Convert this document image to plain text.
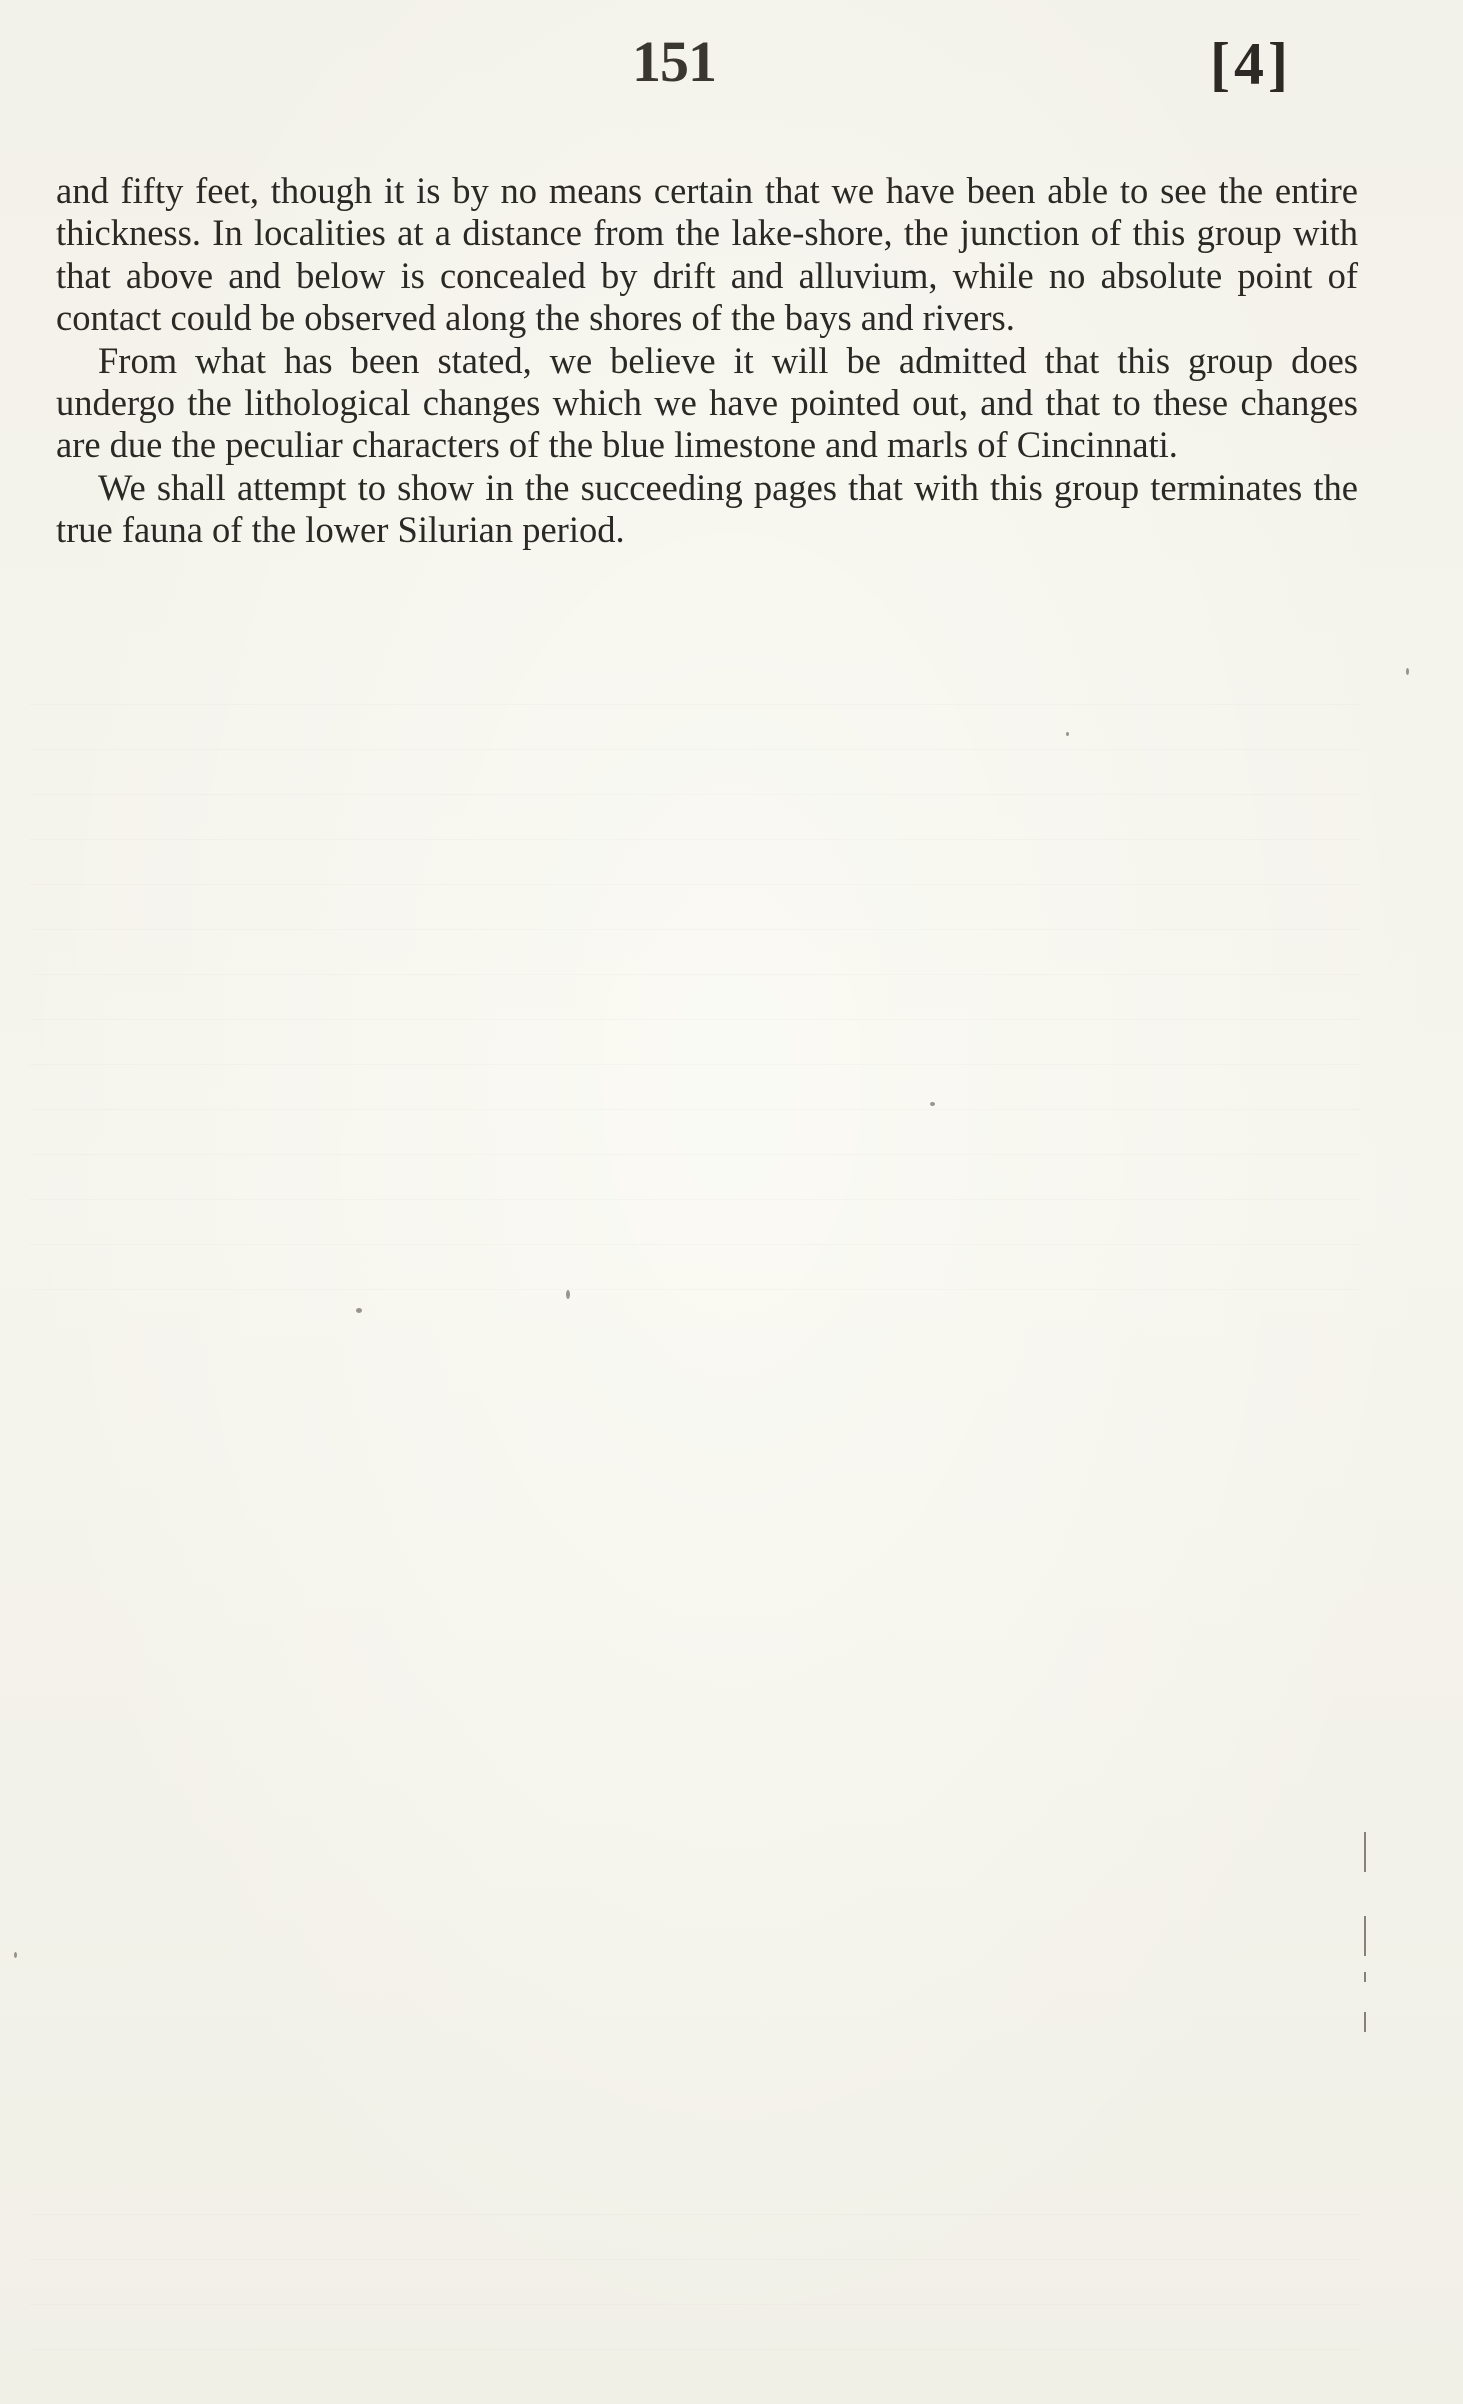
151	[4]

and fifty feet, though it is by no means certain that we have been able to see the entire thickness. In localities at a distance from the lake-shore, the junction of this group with that above and below is concealed by drift and alluvium, while no absolute point of contact could be observed along the shores of the bays and rivers.

From what has been stated, we believe it will be admitted that this group does undergo the lithological changes which we have pointed out, and that to these changes are due the peculiar characters of the blue limestone and marls of Cincinnati.

We shall attempt to show in the succeeding pages that with this group terminates the true fauna of the lower Silurian period.
